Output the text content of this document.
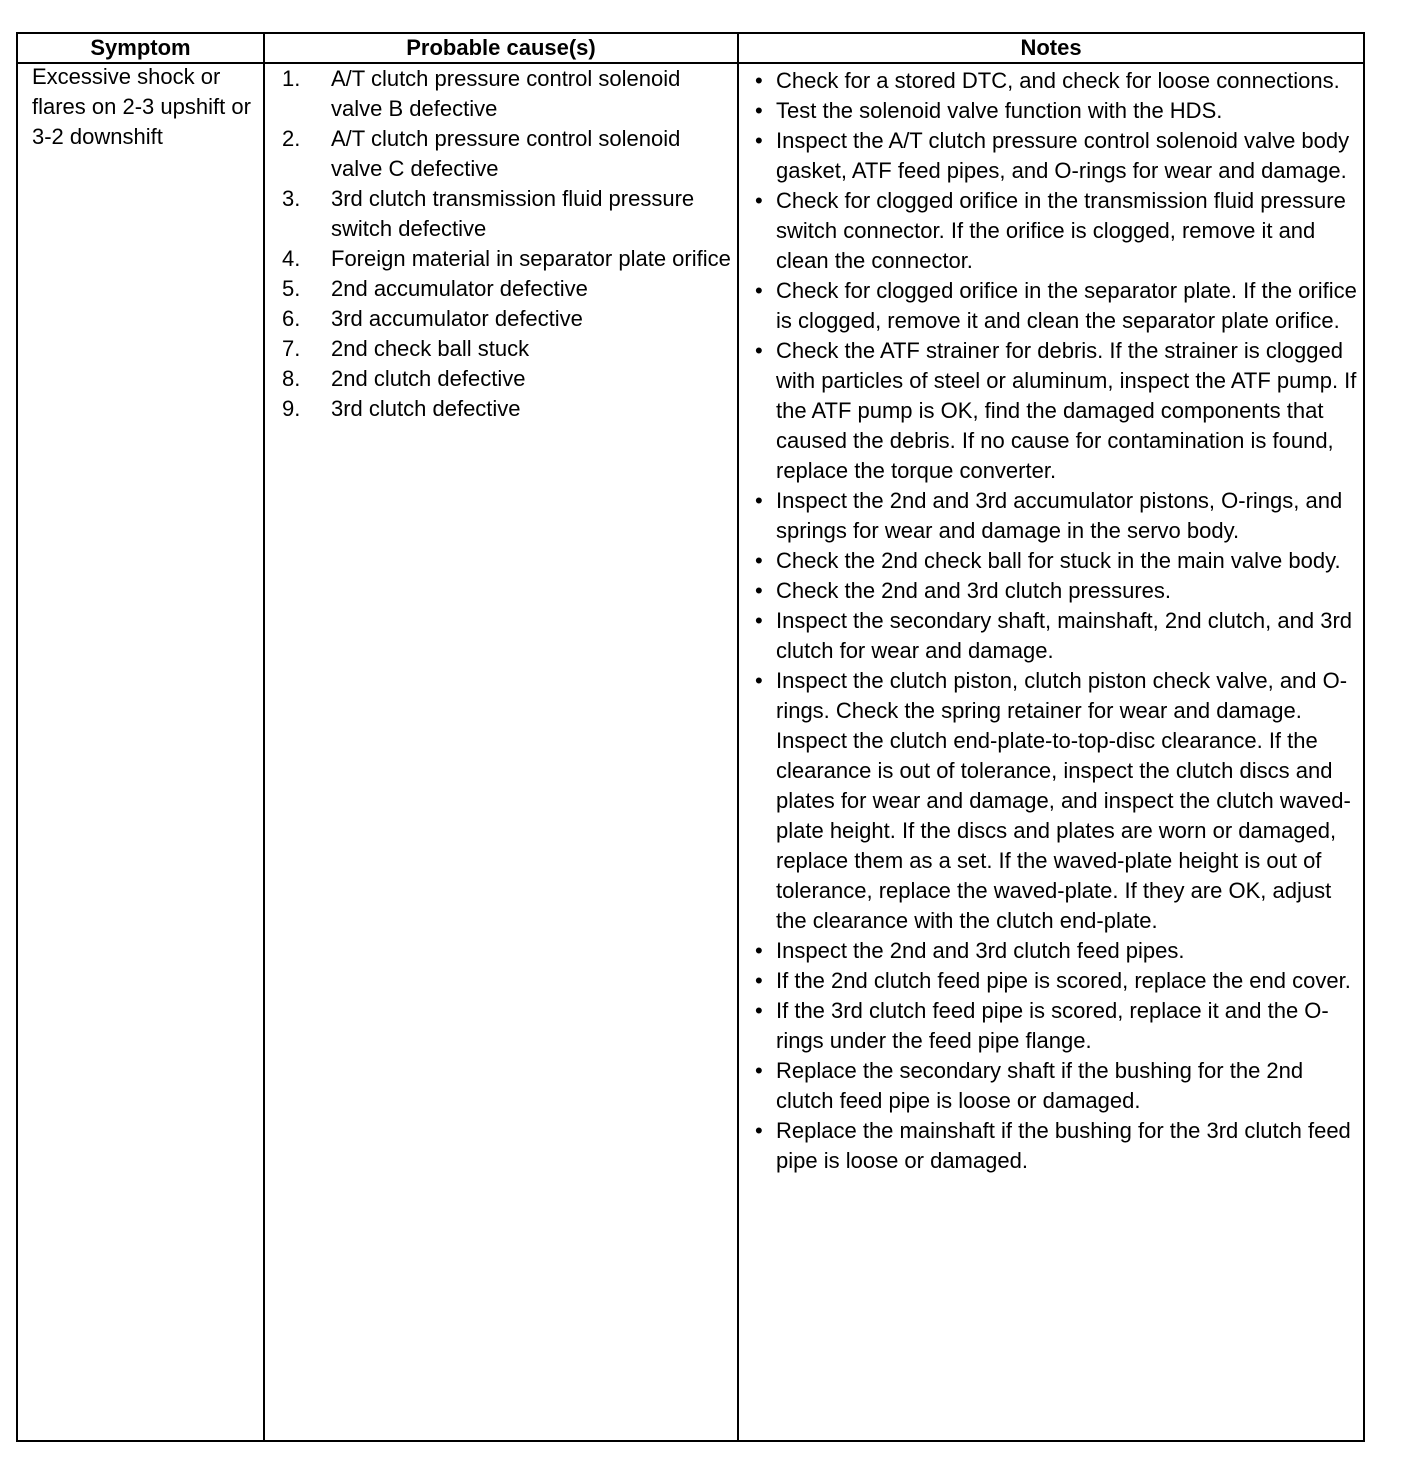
Symptom	Probable cause(s)	Notes
Excessive shock or flares on 2-3 upshift or 3-2 downshift
1. A/T clutch pressure control solenoid valve B defective
2. A/T clutch pressure control solenoid valve C defective
3. 3rd clutch transmission fluid pressure switch defective
4. Foreign material in separator plate orifice
5. 2nd accumulator defective
6. 3rd accumulator defective
7. 2nd check ball stuck
8. 2nd clutch defective
9. 3rd clutch defective
• Check for a stored DTC, and check for loose connections.
• Test the solenoid valve function with the HDS.
• Inspect the A/T clutch pressure control solenoid valve body gasket, ATF feed pipes, and O-rings for wear and damage.
• Check for clogged orifice in the transmission fluid pressure switch connector. If the orifice is clogged, remove it and clean the connector.
• Check for clogged orifice in the separator plate. If the orifice is clogged, remove it and clean the separator plate orifice.
• Check the ATF strainer for debris. If the strainer is clogged with particles of steel or aluminum, inspect the ATF pump. If the ATF pump is OK, find the damaged components that caused the debris. If no cause for contamination is found, replace the torque converter.
• Inspect the 2nd and 3rd accumulator pistons, O-rings, and springs for wear and damage in the servo body.
• Check the 2nd check ball for stuck in the main valve body.
• Check the 2nd and 3rd clutch pressures.
• Inspect the secondary shaft, mainshaft, 2nd clutch, and 3rd clutch for wear and damage.
• Inspect the clutch piston, clutch piston check valve, and O-rings. Check the spring retainer for wear and damage. Inspect the clutch end-plate-to-top-disc clearance. If the clearance is out of tolerance, inspect the clutch discs and plates for wear and damage, and inspect the clutch waved-plate height. If the discs and plates are worn or damaged, replace them as a set. If the waved-plate height is out of tolerance, replace the waved-plate. If they are OK, adjust the clearance with the clutch end-plate.
• Inspect the 2nd and 3rd clutch feed pipes.
• If the 2nd clutch feed pipe is scored, replace the end cover.
• If the 3rd clutch feed pipe is scored, replace it and the O-rings under the feed pipe flange.
• Replace the secondary shaft if the bushing for the 2nd clutch feed pipe is loose or damaged.
• Replace the mainshaft if the bushing for the 3rd clutch feed pipe is loose or damaged.
